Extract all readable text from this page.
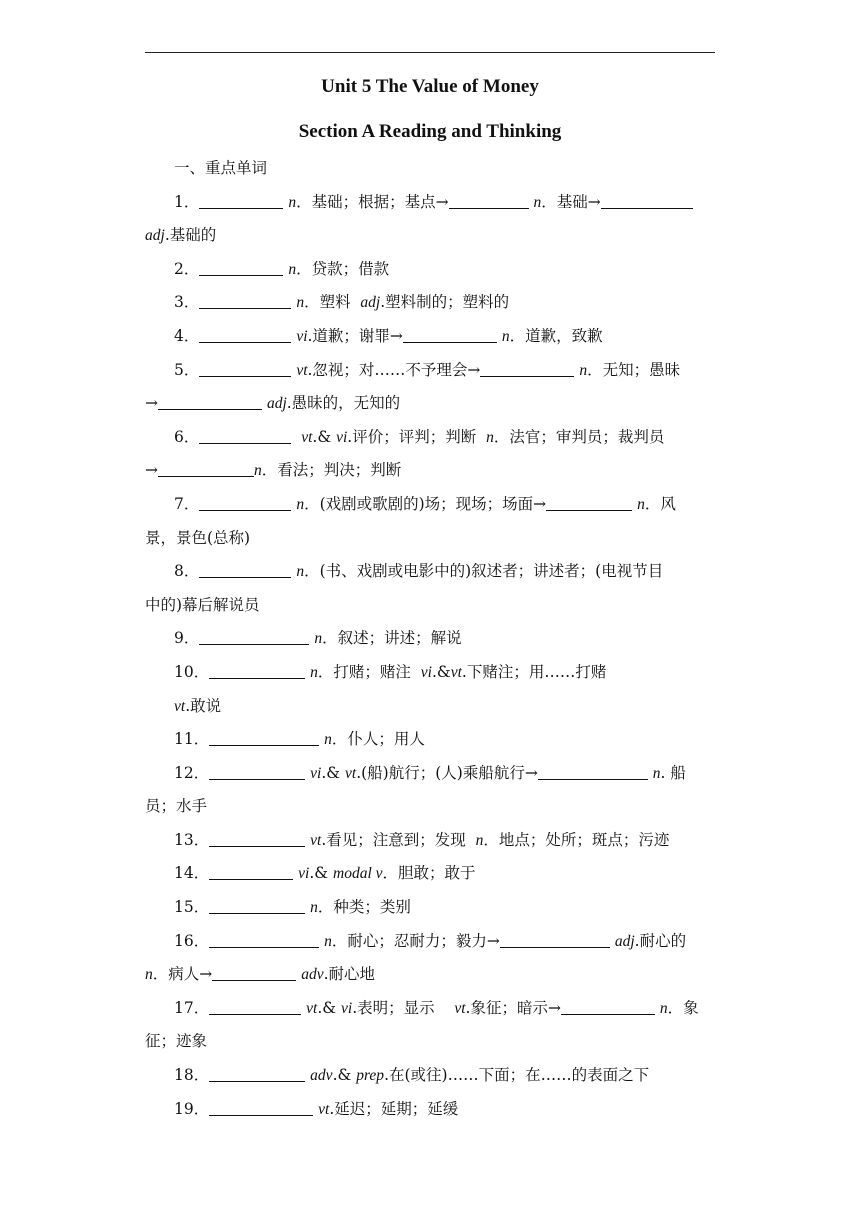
Unit 5 The Value of Money
Section A Reading and Thinking
一、重点单词
1．	n．基础；根据；基点→	n．基础→
adj.基础的
2．	n．贷款；借款
3．	n．塑料  adj.塑料制的；塑料的
4．	vi.道歉；谢罪→	n．道歉，致歉
5．	vt.忽视；对……不予理会→	n．无知；愚昧
→	adj.愚昧的，无知的
6．	vt.& vi.评价；评判；判断  n．法官；审判员；裁判员
→	n．看法；判决；判断
7．	n．(戏剧或歌剧的)场；现场；场面→	n．风
景，景色(总称)
8．	n．(书、戏剧或电影中的)叙述者；讲述者；(电视节目
中的)幕后解说员
9．	n．叙述；讲述；解说
10．	n．打赌；赌注  vi.&vt.下赌注；用……打赌
vt.敢说
11．	n．仆人；用人
12．	vi.& vt.(船)航行；(人)乘船航行→	n. 船
员；水手
13．	vt.看见；注意到；发现  n．地点；处所；斑点；污迹
14．	vi.& modal v．胆敢；敢于
15．	n．种类；类别
16．	n．耐心；忍耐力；毅力→	adj.耐心的
n．病人→	adv.耐心地
17．	vt.& vi.表明；显示    vt.象征；暗示→	n．象
征；迹象
18．	adv.& prep.在(或往)……下面；在……的表面之下
19．	vt.延迟；延期；延缓
